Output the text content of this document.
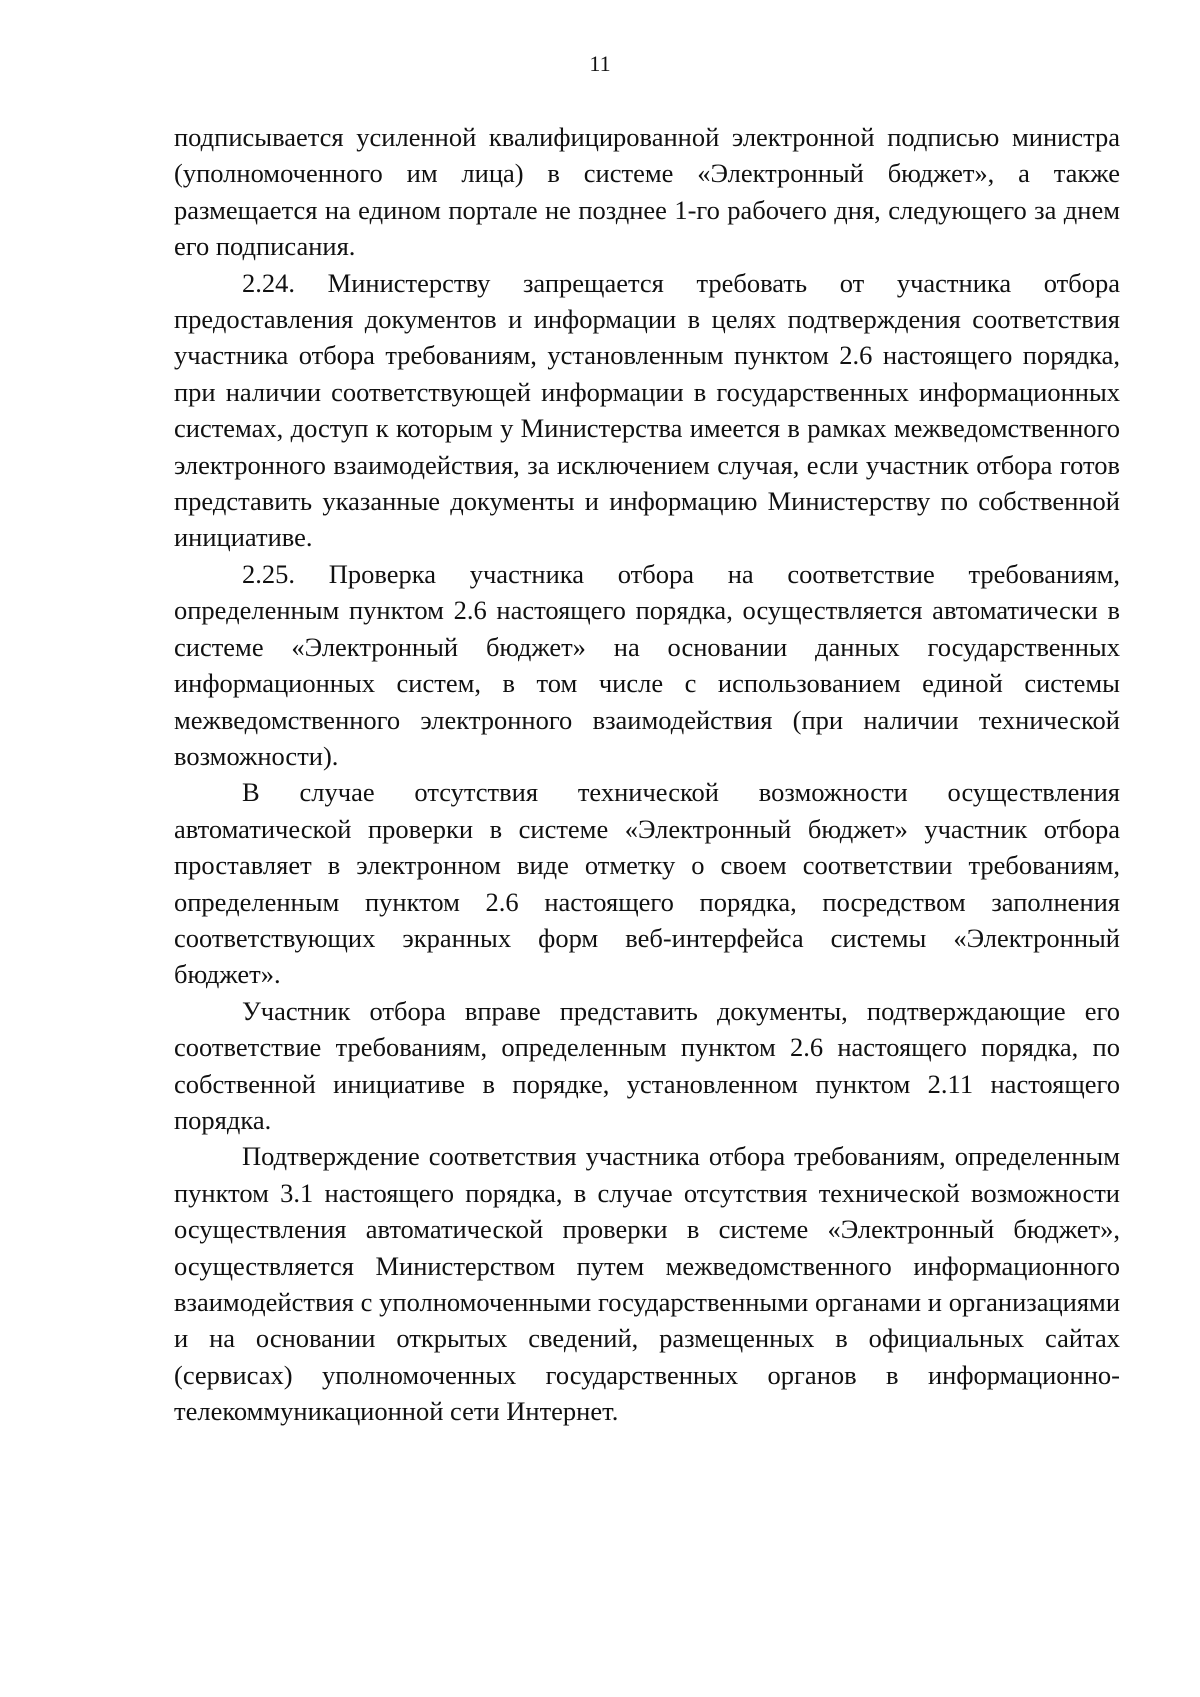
11

подписывается усиленной квалифицированной электронной подписью министра (уполномоченного им лица) в системе «Электронный бюджет», а также размещается на едином портале не позднее 1-го рабочего дня, следующего за днем его подписания.

2.24. Министерству запрещается требовать от участника отбора предоставления документов и информации в целях подтверждения соответствия участника отбора требованиям, установленным пунктом 2.6 настоящего порядка, при наличии соответствующей информации в государственных информационных системах, доступ к которым у Министерства имеется в рамках межведомственного электронного взаимодействия, за исключением случая, если участник отбора готов представить указанные документы и информацию Министерству по собственной инициативе.

2.25. Проверка участника отбора на соответствие требованиям, определенным пунктом 2.6 настоящего порядка, осуществляется автоматически в системе «Электронный бюджет» на основании данных государственных информационных систем, в том числе с использованием единой системы межведомственного электронного взаимодействия (при наличии технической возможности).

В случае отсутствия технической возможности осуществления автоматической проверки в системе «Электронный бюджет» участник отбора проставляет в электронном виде отметку о своем соответствии требованиям, определенным пунктом 2.6 настоящего порядка, посредством заполнения соответствующих экранных форм веб-интерфейса системы «Электронный бюджет».

Участник отбора вправе представить документы, подтверждающие его соответствие требованиям, определенным пунктом 2.6 настоящего порядка, по собственной инициативе в порядке, установленном пунктом 2.11 настоящего порядка.

Подтверждение соответствия участника отбора требованиям, определенным пунктом 3.1 настоящего порядка, в случае отсутствия технической возможности осуществления автоматической проверки в системе «Электронный бюджет», осуществляется Министерством путем межведомственного информационного взаимодействия с уполномоченными государственными органами и организациями и на основании открытых сведений, размещенных в официальных сайтах (сервисах) уполномоченных государственных органов в информационно-телекоммуникационной сети Интернет.
